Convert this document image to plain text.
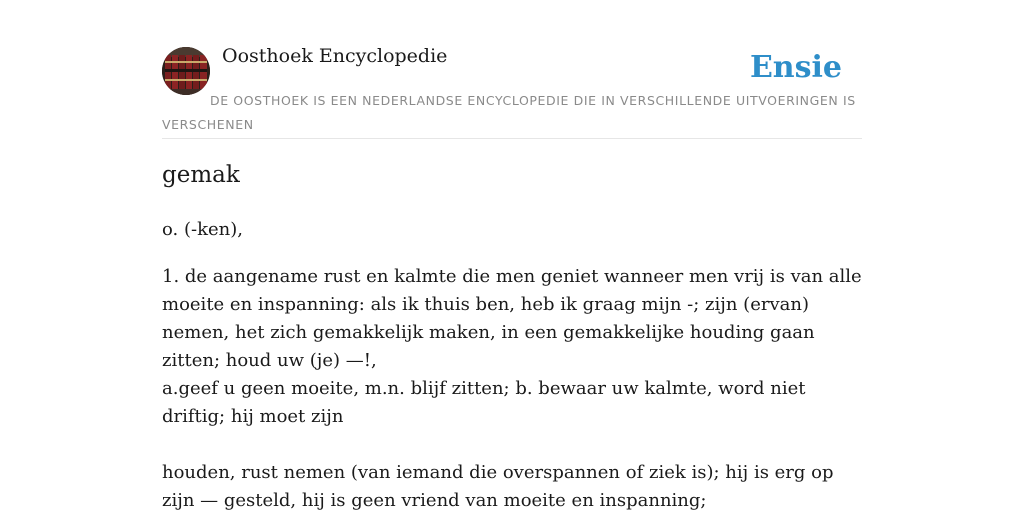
Oosthoek Encyclopedie	Ensie
DE OOSTHOEK IS EEN NEDERLANDSE ENCYCLOPEDIE DIE IN VERSCHILLENDE UITVOERINGEN IS VERSCHENEN
gemak

o. (-ken),

1. de aangename rust en kalmte die men geniet wanneer men vrij is van alle moeite en inspanning: als ik thuis ben, heb ik graag mijn -; zijn (ervan) nemen, het zich gemakkelijk maken, in een gemakkelijke houding gaan zitten; houd uw (je) —!,
a.geef u geen moeite, m.n. blijf zitten; b. bewaar uw kalmte, word niet driftig; hij moet zijn
houden, rust nemen (van iemand die overspannen of ziek is); hij is erg op zijn — gesteld, hij is geen vriend van moeite en inspanning;
